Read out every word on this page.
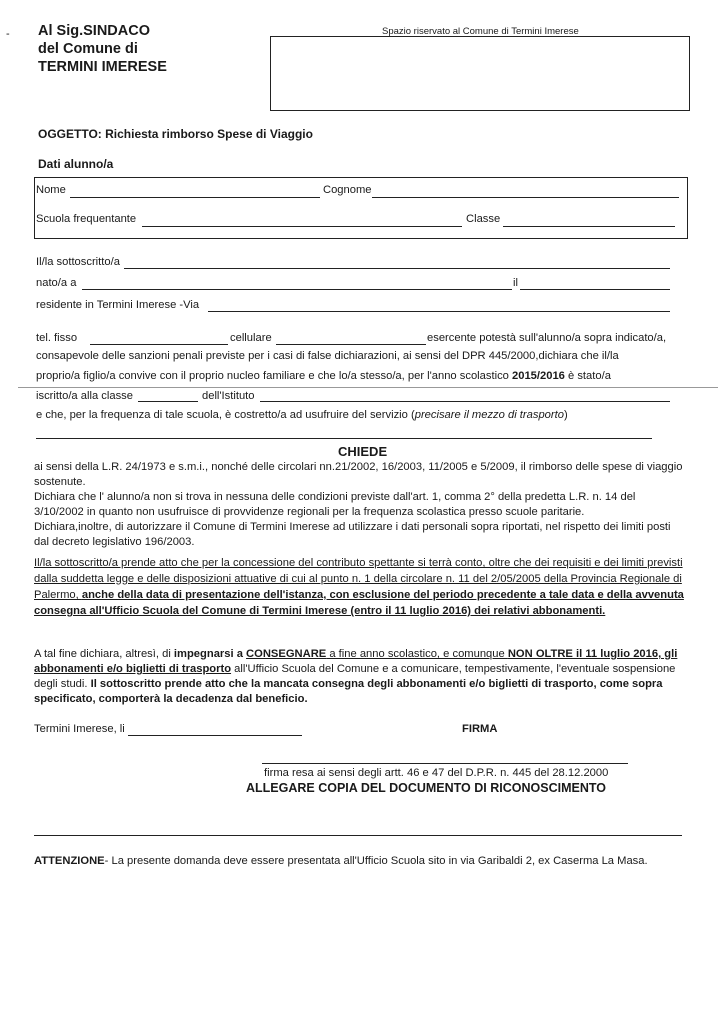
- Al Sig.SINDACO
del Comune di
TERMINI IMERESE
Spazio riservato al Comune di Termini Imerese
OGGETTO: Richiesta rimborso Spese di Viaggio
Dati alunno/a
Nome	Cognome
Scuola frequentante	Classe
Il/la sottoscritto/a
nato/a a	il
residente in Termini Imerese -Via
tel. fisso	cellulare	esercente potestà sull'alunno/a sopra indicato/a,
consapevole delle sanzioni penali previste per i casi di false dichiarazioni, ai sensi del DPR 445/2000,dichiara che il/la
proprio/a figlio/a convive con il proprio nucleo familiare e che lo/a stesso/a, per l'anno scolastico 2015/2016 è stato/a
iscritto/a alla classe	dell'Istituto
e che, per la frequenza di tale scuola, è costretto/a ad usufruire del servizio (precisare il mezzo di trasporto)
CHIEDE
ai sensi della L.R. 24/1973 e s.m.i., nonché delle circolari nn.21/2002, 16/2003, 11/2005 e 5/2009, il rimborso delle spese di viaggio sostenute.
Dichiara che l' alunno/a non si trova in nessuna delle condizioni previste dall'art. 1, comma 2° della predetta L.R. n. 14 del 3/10/2002 in quanto non usufruisce di provvidenze regionali per la frequenza scolastica presso scuole paritarie.
Dichiara,inoltre, di autorizzare il Comune di Termini Imerese ad utilizzare i dati personali sopra riportati, nel rispetto dei limiti posti dal decreto legislativo 196/2003.
Il/la sottoscritto/a prende atto che per la concessione del contributo spettante si terrà conto, oltre che dei requisiti e dei limiti previsti dalla suddetta legge e delle disposizioni attuative di cui al punto n. 1 della circolare n. 11 del 2/05/2005 della Provincia Regionale di Palermo, anche della data di presentazione dell'istanza, con esclusione del periodo precedente a tale data e della avvenuta consegna all'Ufficio Scuola del Comune di Termini Imerese (entro il 11 luglio 2016) dei relativi abbonamenti.
A tal fine dichiara, altresì, di impegnarsi a CONSEGNARE a fine anno scolastico, e comunque NON OLTRE il 11 luglio 2016, gli abbonamenti e/o biglietti di trasporto all'Ufficio Scuola del Comune e a comunicare, tempestivamente, l'eventuale sospensione degli studi. Il sottoscritto prende atto che la mancata consegna degli abbonamenti e/o biglietti di trasporto, come sopra specificato, comporterà la decadenza dal beneficio.
Termini Imerese, li	FIRMA
firma resa ai sensi degli artt. 46 e 47 del D.P.R. n. 445 del 28.12.2000
ALLEGARE COPIA DEL DOCUMENTO DI RICONOSCIMENTO
ATTENZIONE- La presente domanda deve essere presentata all'Ufficio Scuola sito in via Garibaldi 2, ex Caserma La Masa.
